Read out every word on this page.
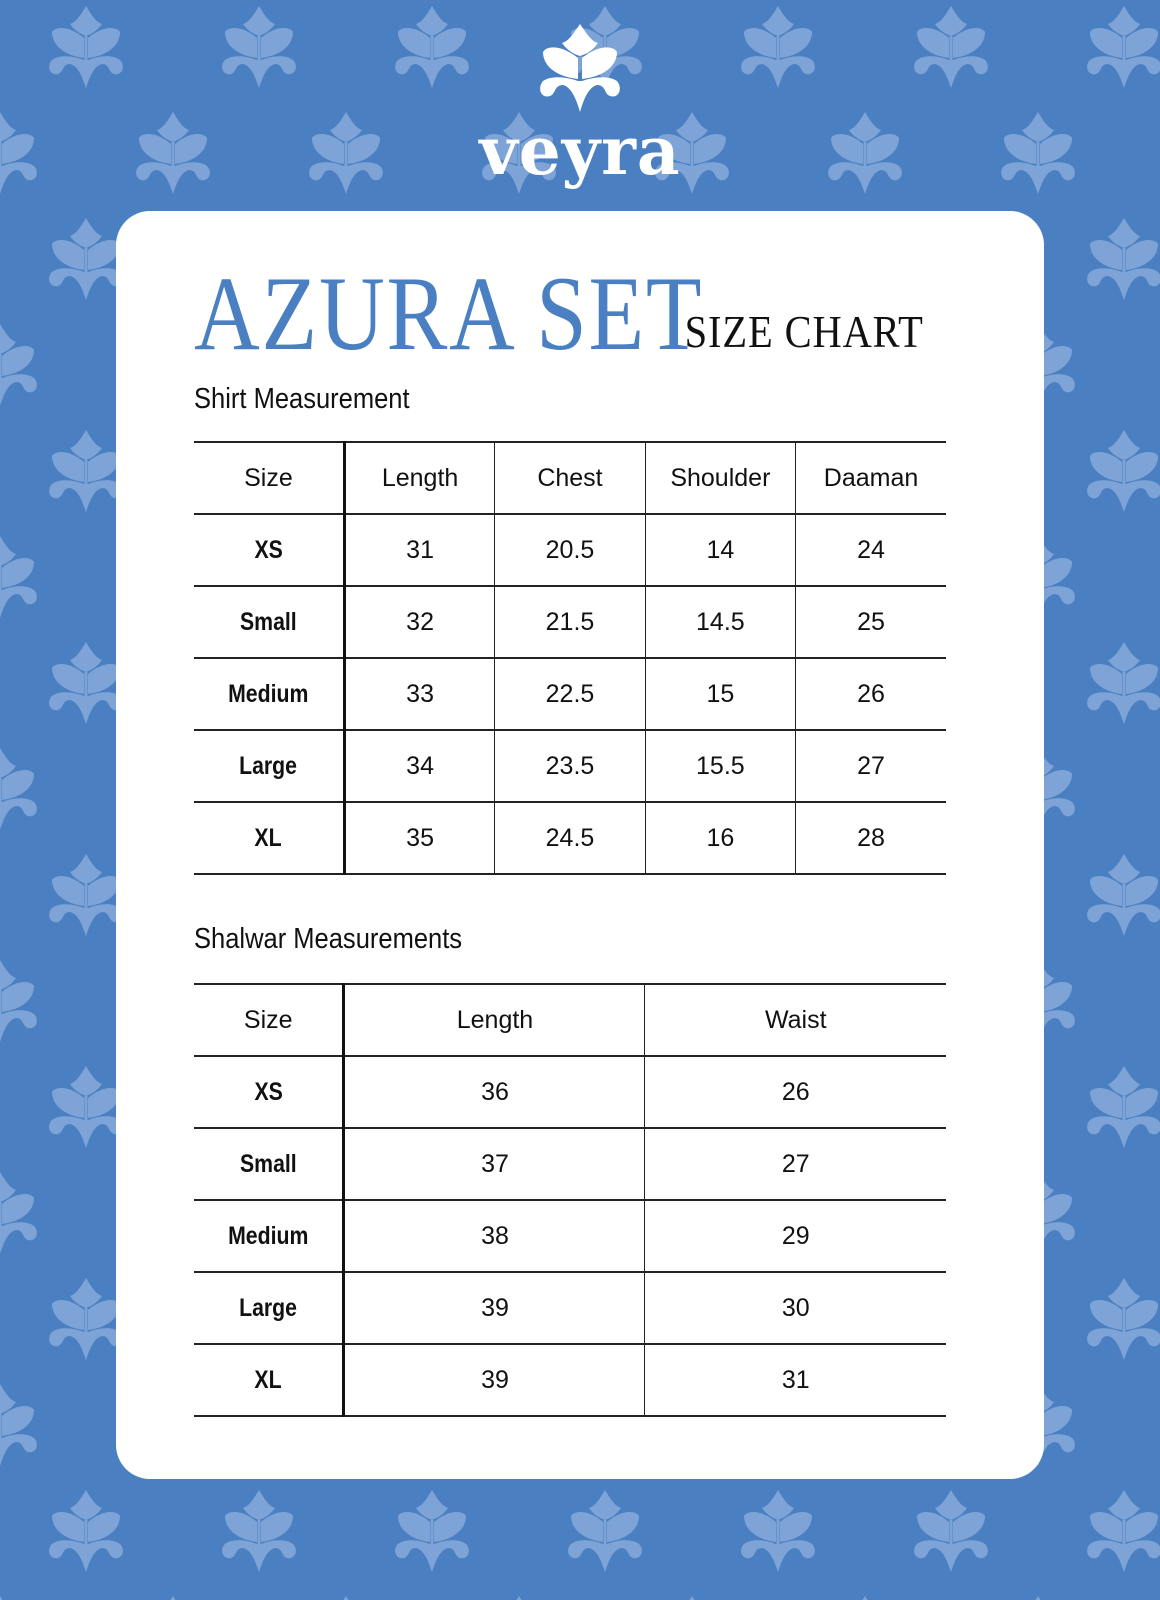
veyra
AZURA SET
SIZE CHART
Shirt Measurement
Size	Length	Chest	Shoulder	Daaman
XS	31	20.5	14	24
Small	32	21.5	14.5	25
Medium	33	22.5	15	26
Large	34	23.5	15.5	27
XL	35	24.5	16	28
Shalwar Measurements
Size	Length	Waist
XS	36	26
Small	37	27
Medium	38	29
Large	39	30
XL	39	31
